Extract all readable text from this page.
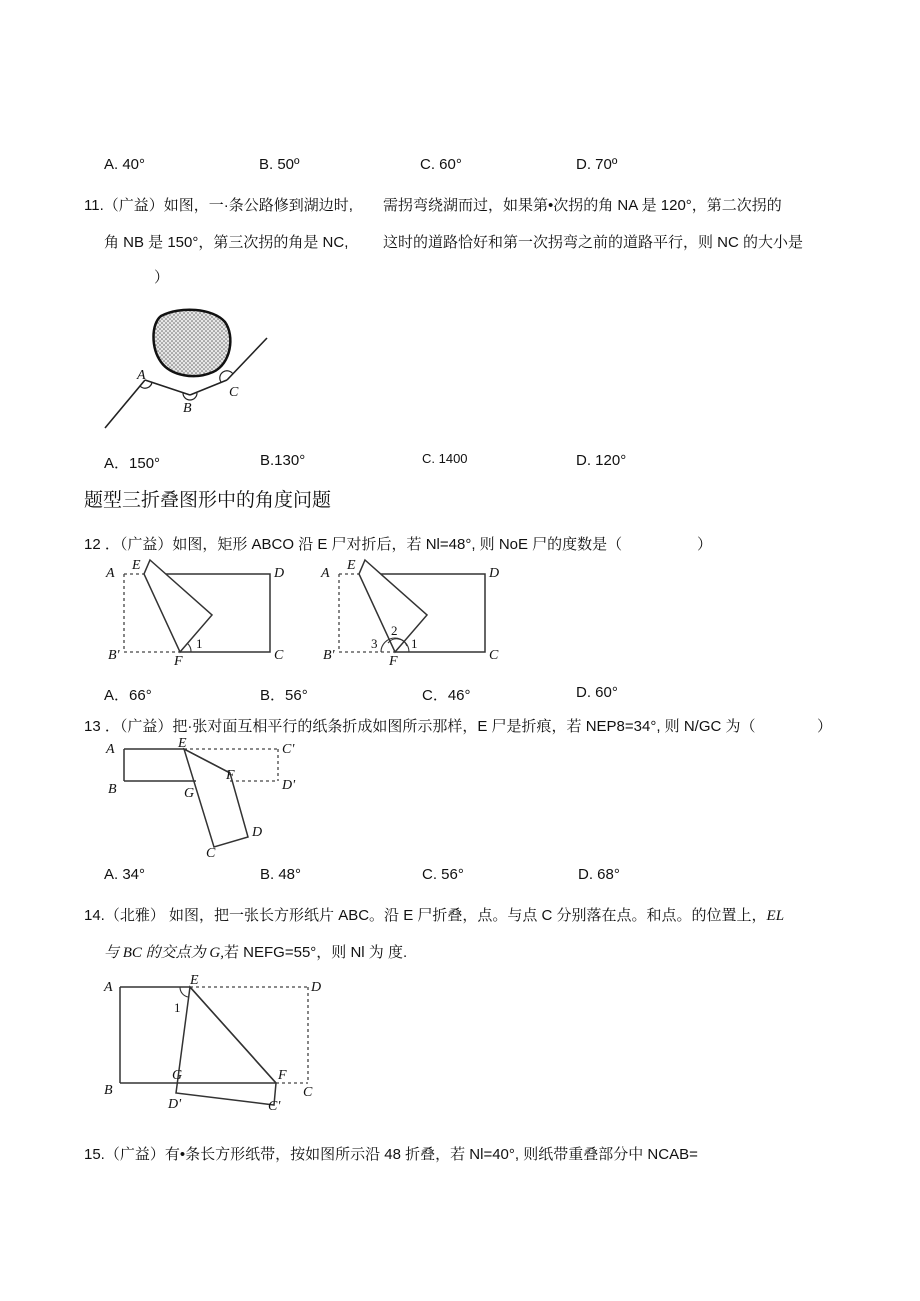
A. 40°	B. 50º	C. 60°	D. 70º
11.（广益）如图，一·条公路修到湖边时, 需拐弯绕湖而过，如果第•次拐的角 NA 是 120°，第二次拐的
角 NB 是 150°，第三次拐的角是 NC, 这时的道路恰好和第一次拐弯之前的道路平行，则 NC 的大小是
）
A
B
C
A．150°	B.130°	C. 1400	D. 120°
题型三折叠图形中的角度问题
12 ．（广益）如图，矩形 ABCO 沿 E 尸对折后，若 Nl=48°, 则 NoE 尸的度数是（	）
A
E
D
B'	F
1
C
A
E
D
B'	F	C
2
3	1
A．66°	B．56°	C．46°	D. 60°
13 ．（广益）把·张对面互相平行的纸条折成如图所示那样，E 尸是折痕，若 NEP8=34°, 则 N/GC 为（	）
A	E	C'
F
D'
B	G
D
C
A. 34°	B. 48°	C. 56°	D. 68°
14.（北雅） 如图，把一张长方形纸片 ABC。沿 E 尸折叠，点。与点 C 分别落在点。和点。的位置上，EL
与 BC 的交点为 G,若 NEFG=55°，则 Nl 为 度.
A	E	D
1
G	F
B	C
D'	C'
15.（广益）有•条长方形纸带，按如图所示沿 48 折叠，若 Nl=40°, 则纸带重叠部分中 NCAB=
